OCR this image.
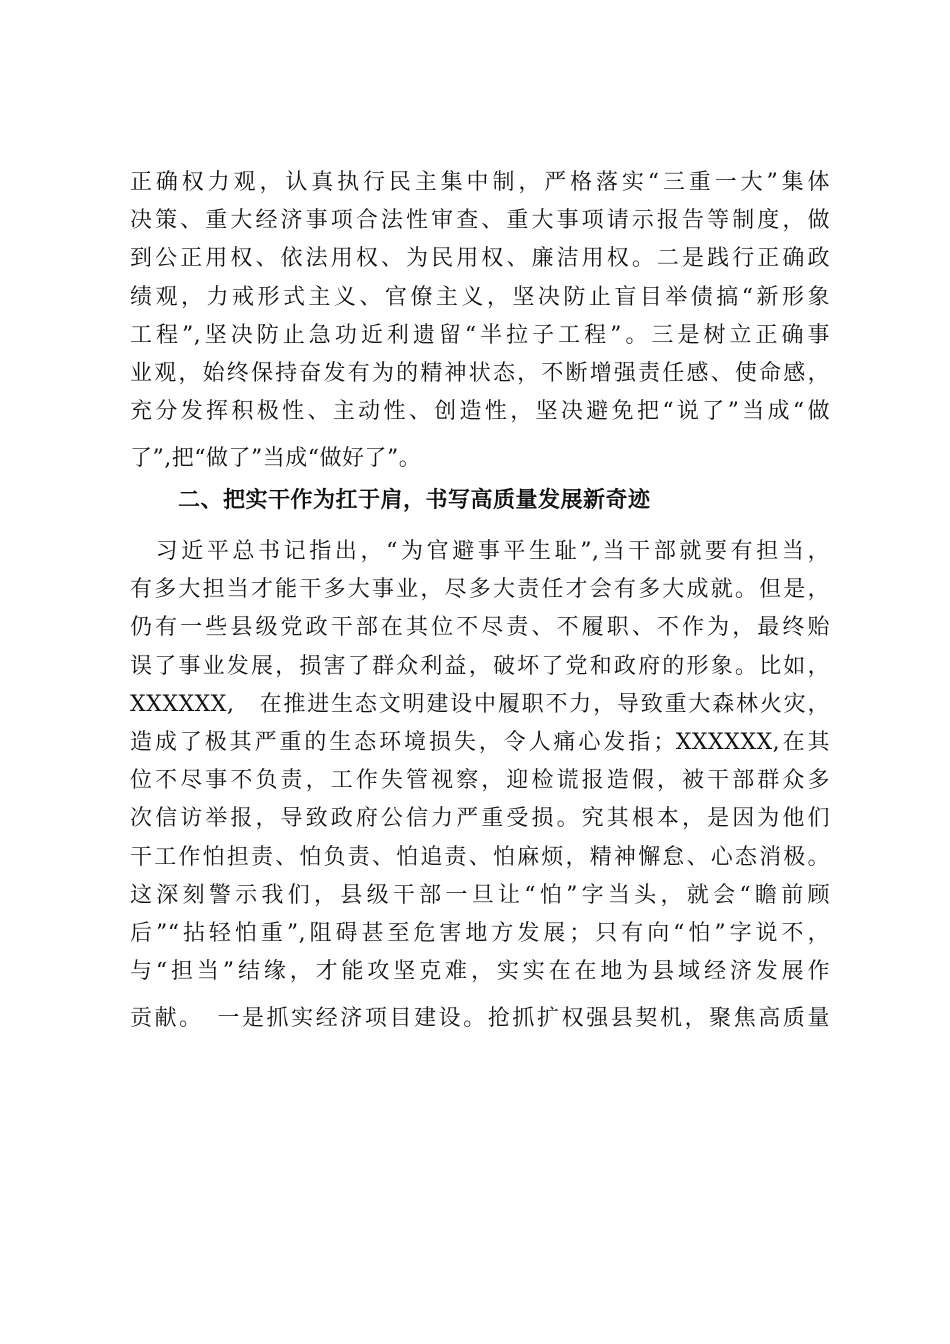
正确权力观，认真执行民主集中制，严格落实“三重一大”集体
决策、重大经济事项合法性审查、重大事项请示报告等制度，做
到公正用权、依法用权、为民用权、廉洁用权。二是践行正确政
绩观，力戒形式主义、官僚主义，坚决防止盲目举债搞“新形象
工程”,坚决防止急功近利遗留“半拉子工程”。三是树立正确事
业观，始终保持奋发有为的精神状态，不断增强责任感、使命感，
充分发挥积极性、主动性、创造性，坚决避免把“说了”当成“做
了”,把“做了”当成“做好了”。
二、把实干作为扛于肩，书写高质量发展新奇迹
　习近平总书记指出，“为官避事平生耻”,当干部就要有担当，
有多大担当才能干多大事业，尽多大责任才会有多大成就。但是，
仍有一些县级党政干部在其位不尽责、不履职、不作为，最终贻
误了事业发展，损害了群众利益，破坏了党和政府的形象。比如，
XXXXXX,　在推进生态文明建设中履职不力，导致重大森林火灾，
造成了极其严重的生态环境损失，令人痛心发指；XXXXXX,在其
位不尽事不负责，工作失管视察，迎检谎报造假，被干部群众多
次信访举报，导致政府公信力严重受损。究其根本，是因为他们
干工作怕担责、怕负责、怕追责、怕麻烦，精神懈怠、心态消极。
这深刻警示我们，县级干部一旦让“怕”字当头，就会“瞻前顾
后”“拈轻怕重”,阻碍甚至危害地方发展；只有向“怕”字说不，
与“担当”结缘，才能攻坚克难，实实在在地为县域经济发展作
贡献。　一是抓实经济项目建设。抢抓扩权强县契机，聚焦高质量
